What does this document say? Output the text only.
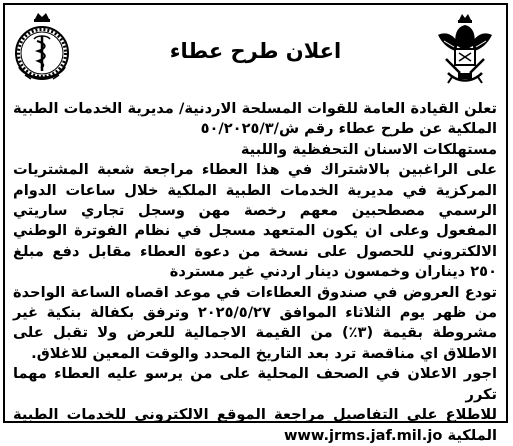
اعلان طرح عطاء

تعلن القيادة العامة للقوات المسلحة الاردنية/ مديرية الخدمات الطبية الملكية عن طرح عطاء رقم ش/٥٠/٢٠٢٥/٣

مستهلكات الاسنان التحفظية واللبية

على الراغبين بالاشتراك في هذا العطاء مراجعة شعبة المشتريات المركزية في مديرية الخدمات الطبية الملكية خلال ساعات الدوام الرسمي مصطحبين معهم رخصة مهن وسجل تجاري ساريتي المفعول وعلى ان يكون المتعهد مسجل في نظام الفوترة الوطني الالكتروني للحصول على نسخة من دعوة العطاء مقابل دفع مبلغ ٢٥٠ ديناران وخمسون دينار اردني غير مستردة

تودع العروض في صندوق العطاءات في موعد اقصاه الساعة الواحدة من ظهر يوم الثلاثاء الموافق ٢٠٢٥/٥/٢٧ وترفق بكفالة بنكية غير مشروطة بقيمة (٣٪) من القيمة الاجمالية للعرض ولا تقبل على الاطلاق اي مناقصة ترد بعد التاريخ المحدد والوقت المعين للاغلاق.

اجور الاعلان في الصحف المحلية على من يرسو عليه العطاء مهما تكرر

للاطلاع على التفاصيل مراجعة الموقع الالكتروني للخدمات الطبية الملكية www.jrms.jaf.mil.jo
